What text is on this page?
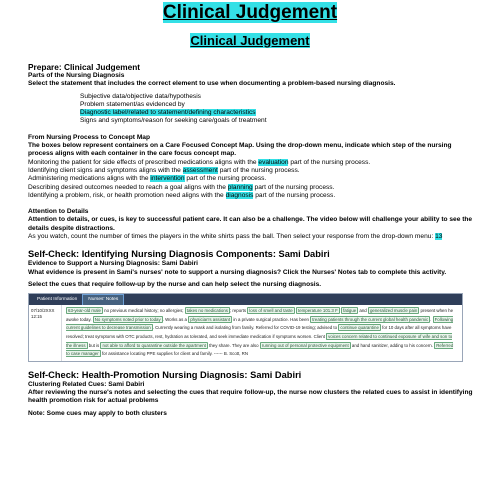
Clinical Judgement
Clinical Judgement
Prepare: Clinical Judgement
Parts of the Nursing Diagnosis
Select the statement that includes the correct element to use when documenting a problem-based nursing diagnosis.
Subjective data/objective data/hypothesis
Problem statement/as evidenced by
Diagnostic label/related to statement/defining characteristics
Signs and symptoms/reason for seeking care/goals of treatment
From Nursing Process to Concept Map
The boxes below represent containers on a Care Focused Concept Map. Using the drop-down menu, indicate which step of the nursing process aligns with each container in the care focus concept map.
Monitoring the patient for side effects of prescribed medications aligns with the evaluation part of the nursing process.
Identifying client signs and symptoms aligns with the assessment part of the nursing process.
Administering medications aligns with the intervention part of the nursing process.
Describing desired outcomes needed to reach a goal aligns with the planning part of the nursing process.
Identifying a problem, risk, or health promotion need aligns with the diagnosis part of the nursing process.
Attention to Details
Attention to details, or cues, is key to successful patient care. It can also be a challenge. The video below will challenge your ability to see the details despite distractions.
As you watch, count the number of times the players in the white shirts pass the ball. Then select your response from the drop-down menu: 13
Self-Check: Identifying Nursing Diagnosis Components: Sami Dabiri
Evidence to Support a Nursing Diagnosis: Sami Dabiri
What evidence is present in Sami's nurses' note to support a nursing diagnosis? Click the Nurses' Notes tab to complete this activity.
Select the cues that require follow-up by the nurse and can help select the nursing diagnosis.
Patient Information	Nurses' Notes
07/10/2XXX
12:15
63-year-old male no previous medical history; no allergies; takes no medications ; reports loss of smell and taste temperature 101.3 F fatigue and generalized muscle pain present when he awoke today. No symptoms noted prior to today . Works as a physician's assistant in a private surgical practice. Has been treating patients through the current global health pandemic . Following current guidelines to decrease transmission . Currently wearing a mask and isolating from family. Referred for COVID-19 testing; advised to continue quarantine for 10 days after all symptoms have resolved; treat symptoms with OTC products, rest, hydration as tolerated, and seek immediate medication if symptoms worsen. Client voices concern related to continued exposure of wife and son to the illness but is not able to afford to quarantine outside the apartment they share. They are also running out of personal protective equipment and hand sanitizer, adding to his concern. Referred to case manager for assistance locating PPE supplies for client and family. ------ B. Scott, RN
Self-Check: Health-Promotion Nursing Diagnosis: Sami Dabiri
Clustering Related Cues: Sami Dabiri
After reviewing the nurse's notes and selecting the cues that require follow-up, the nurse now clusters the related cues to assist in identifying health promotion risk for actual problems
Note: Some cues may apply to both clusters
